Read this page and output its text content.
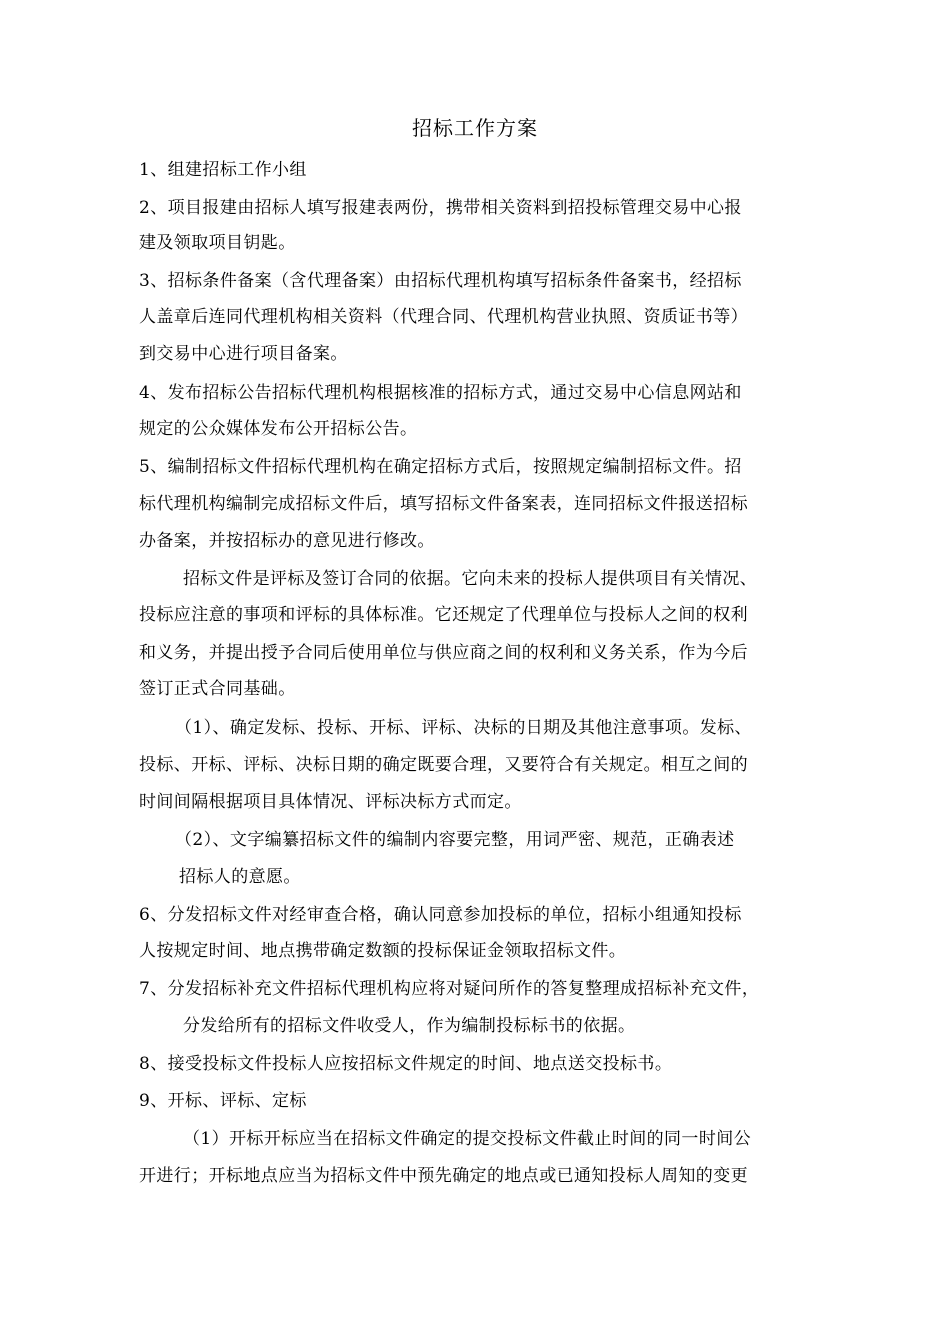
招标工作方案
1、组建招标工作小组
2、项目报建由招标人填写报建表两份，携带相关资料到招投标管理交易中心报
建及领取项目钥匙。
3、招标条件备案（含代理备案）由招标代理机构填写招标条件备案书，经招标
人盖章后连同代理机构相关资料（代理合同、代理机构营业执照、资质证书等）
到交易中心进行项目备案。
4、发布招标公告招标代理机构根据核准的招标方式，通过交易中心信息网站和
规定的公众媒体发布公开招标公告。
5、编制招标文件招标代理机构在确定招标方式后，按照规定编制招标文件。招
标代理机构编制完成招标文件后，填写招标文件备案表，连同招标文件报送招标
办备案，并按招标办的意见进行修改。
招标文件是评标及签订合同的依据。它向未来的投标人提供项目有关情况、
投标应注意的事项和评标的具体标准。它还规定了代理单位与投标人之间的权利
和义务，并提出授予合同后使用单位与供应商之间的权利和义务关系，作为今后
签订正式合同基础。
（1）、确定发标、投标、开标、评标、决标的日期及其他注意事项。发标、
投标、开标、评标、决标日期的确定既要合理，又要符合有关规定。相互之间的
时间间隔根据项目具体情况、评标决标方式而定。
（2）、文字编纂招标文件的编制内容要完整，用词严密、规范，正确表述
招标人的意愿。
6、分发招标文件对经审查合格，确认同意参加投标的单位，招标小组通知投标
人按规定时间、地点携带确定数额的投标保证金领取招标文件。
7、分发招标补充文件招标代理机构应将对疑问所作的答复整理成招标补充文件，
分发给所有的招标文件收受人，作为编制投标标书的依据。
8、接受投标文件投标人应按招标文件规定的时间、地点送交投标书。
9、开标、评标、定标
（1）开标开标应当在招标文件确定的提交投标文件截止时间的同一时间公
开进行；开标地点应当为招标文件中预先确定的地点或已通知投标人周知的变更
